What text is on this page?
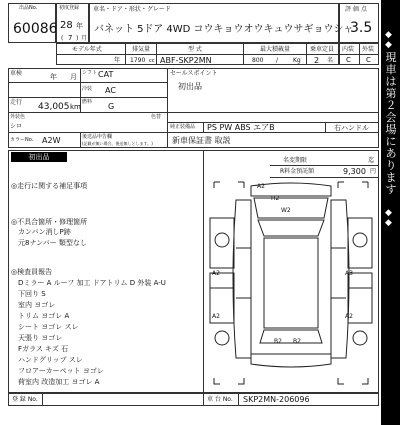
出品No.
60086
初度登録
28 年
( 7 ) 月
車名・ドア・形状・グレード
バネット 5ドア 4WD コウキョウオウキュウサギョウシャ
評 価 点
3.5
モデル年式
年
排気量
1790 cc
型 式
ABF-SKP2MN
最大積載量
800 / Kg
乗車定員
2 名
内装 外装
C C
車検	年 月 シフト CAT
冷装 AC
走行 43,005 km
燃料 G
セールスポイント
初出品
外装色
シロ
色替
純正装備品 PS PW ABS エアB	右ハンドル
カラーNo. A2W	後送品申告欄
(記載が無い場合、後送無しとします。) 新車保証書 取説
初出品	名変期限	迄
R料金預託額	9,300 円
◎走行に関する補足事項
◎不具合箇所・修理箇所
カンバン消しP跡
元8ナンバー 類型なし
◎検査員報告
Dミラー A ルーフ 加工 ドアトリム D 外装 A-U
下回り S
室内 ヨゴレ
トリム ヨゴレ A
シート ヨゴレ スレ
天張り ヨゴレ
Fガラス キズ 石
ハンドグリップ スレ
フロアーカーペット ヨゴレ
荷室内 改造加工 ヨゴレ A
A2
H2
W2
A2	A3
A2	A2
B2 B2
登 録 No.	車 台 No. SKP2MN-206096
◆
◆
現車は第２会場にあります
◆
◆
